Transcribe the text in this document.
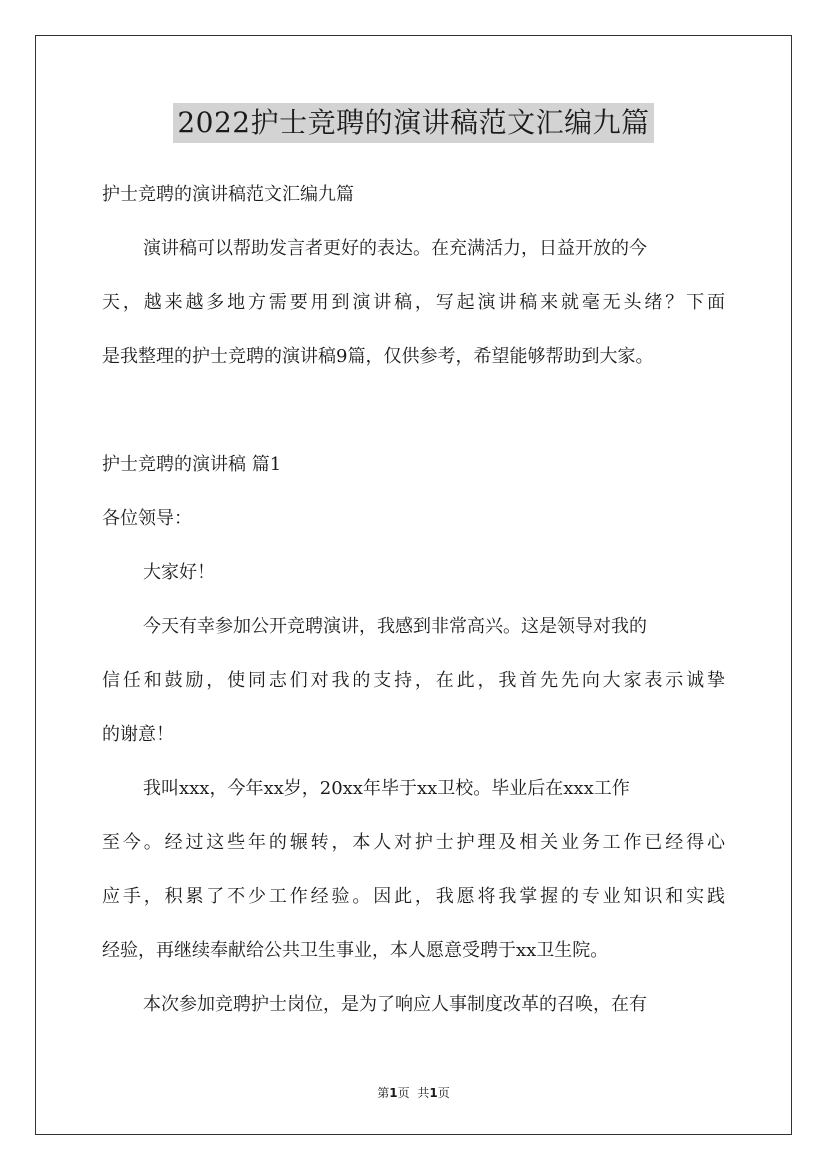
2022护士竞聘的演讲稿范文汇编九篇

护士竞聘的演讲稿范文汇编九篇

演讲稿可以帮助发言者更好的表达。在充满活力，日益开放的今

天，越来越多地方需要用到演讲稿，写起演讲稿来就毫无头绪？下面

是我整理的护士竞聘的演讲稿9篇，仅供参考，希望能够帮助到大家。

护士竞聘的演讲稿 篇1

各位领导：

大家好！

今天有幸参加公开竞聘演讲，我感到非常高兴。这是领导对我的

信任和鼓励，使同志们对我的支持，在此，我首先先向大家表示诚挚

的谢意！

我叫xxx，今年xx岁，20xx年毕于xx卫校。毕业后在xxx工作

至今。经过这些年的辗转，本人对护士护理及相关业务工作已经得心

应手，积累了不少工作经验。因此，我愿将我掌握的专业知识和实践

经验，再继续奉献给公共卫生事业，本人愿意受聘于xx卫生院。

本次参加竞聘护士岗位，是为了响应人事制度改革的召唤，在有

第1页 共1页
